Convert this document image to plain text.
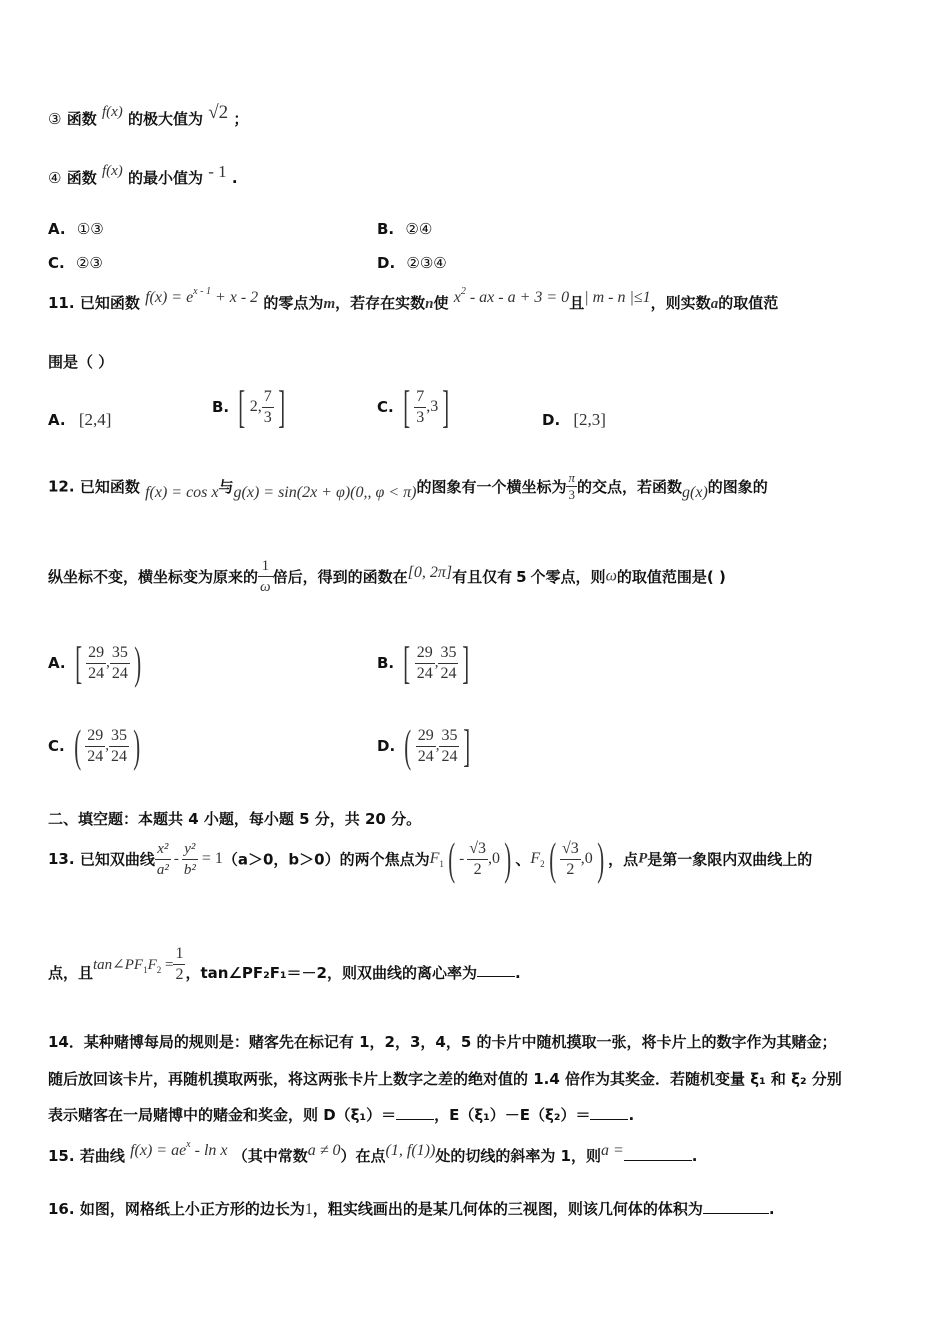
③ 函数 f(x) 的极大值为 √2 ；
④ 函数 f(x) 的最小值为 - 1 .
A. ①③	B. ②④
C. ②③	D. ②③④
11. 已知函数 $f(x) = e^{x - 1} + x - 2$ 的零点为m，若存在实数n使 $x^2$ - ax - a + 3 = 0且| m - n |≤1，则实数a的取值范
围是（ ）
A. [2,4]
B. [ 2, $\frac{7}{3}$ ]	C. [ $\frac{7}{3} ,3$]	D. [2,3]
12. 已知函数 f(x) = cos x与g(x) = sin(2x + φ)(0,, φ < π)的图象有一个横坐标为 $\frac{\pi}{3}$ 的交点，若函数g(x)的图象的
纵坐标不变，横坐标变为原来的 $\frac{1}{\omega}$ 倍后，得到的函数在[0, 2π]有且仅有 5 个零点，则ω的取值范围是( )
A. [ $\frac{29}{24}$ , $\frac{35}{24}$ )	B. [ $\frac{29}{24}$ , $\frac{35}{24}$ ]
C. ( $\frac{29}{24}$ , $\frac{35}{24}$ )	D. ( $\frac{29}{24}$ , $\frac{35}{24}$ ]
二、填空题：本题共 4 小题，每小题 5 分，共 20 分。
13. 已知双曲线 $\frac{\text{x²}}{\text{a²}} - \frac{\text{y²}}{\text{b²}} = 1(a>0$，b＞0）的两个焦点为$F_1( - \frac{√3}{2} ,0)$ 、$F_2( \frac{√3}{2} ,0)$ ，点P是第一象限内双曲线上的
点，且$\tan\angle PF_1F_2 = \frac{1}{2}$ ，tan∠PF₂F₁＝－2，则双曲线的离心率为	.
14．某种赌博每局的规则是：赌客先在标记有 1，2，3，4，5 的卡片中随机摸取一张，将卡片上的数字作为其赌金；
随后放回该卡片，再随机摸取两张，将这两张卡片上数字之差的绝对值的 1.4 倍作为其奖金．若随机变量 ξ₁ 和 ξ₂ 分别
表示赌客在一局赌博中的赌金和奖金，则 D（ξ₁）＝	，E（ξ₁）－E（ξ₂）＝	.
15. 若曲线 $f(x) = ae^x - \ln x$ （其中常数a ≠ 0）在点(1, f(1))处的切线的斜率为 1，则a =	.
16. 如图，网格纸上小正方形的边长为1，粗实线画出的是某几何体的三视图，则该几何体的体积为	.
